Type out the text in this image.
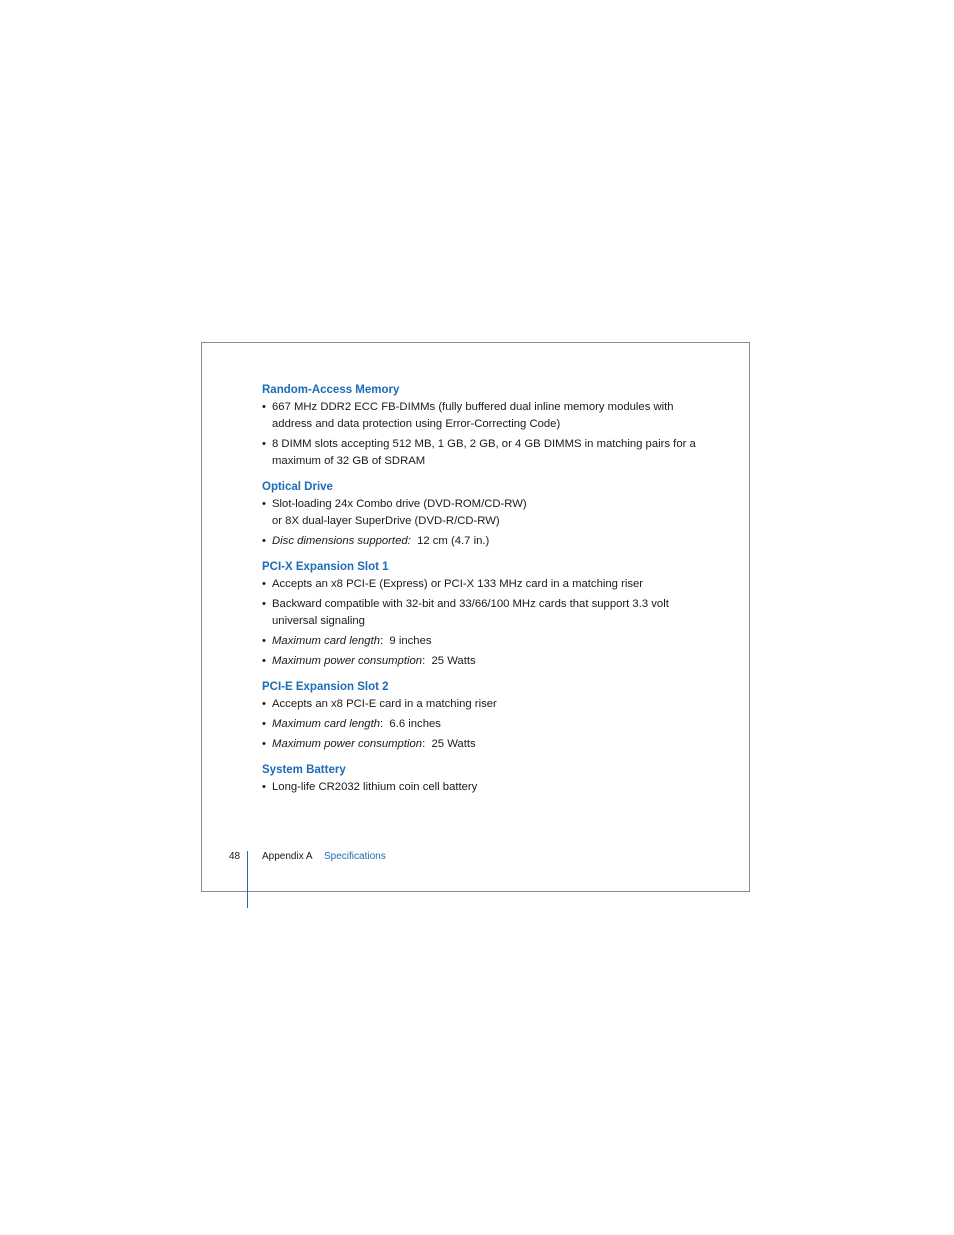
Random-Access Memory
• 667 MHz DDR2 ECC FB-DIMMs (fully buffered dual inline memory modules with
address and data protection using Error-Correcting Code)
• 8 DIMM slots accepting 512 MB, 1 GB, 2 GB, or 4 GB DIMMS in matching pairs for a
maximum of 32 GB of SDRAM
Optical Drive
• Slot-loading 24x Combo drive (DVD-ROM/CD-RW)
or 8X dual-layer SuperDrive (DVD-R/CD-RW)
• Disc dimensions supported: 12 cm (4.7 in.)
PCI-X Expansion Slot 1
• Accepts an x8 PCI-E (Express) or PCI-X 133 MHz card in a matching riser
• Backward compatible with 32-bit and 33/66/100 MHz cards that support 3.3 volt
universal signaling
• Maximum card length:  9 inches
• Maximum power consumption:  25 Watts
PCI-E Expansion Slot 2
• Accepts an x8 PCI-E card in a matching riser
• Maximum card length:  6.6 inches
• Maximum power consumption:  25 Watts
System Battery
• Long-life CR2032 lithium coin cell battery
48 Appendix A Specifications
